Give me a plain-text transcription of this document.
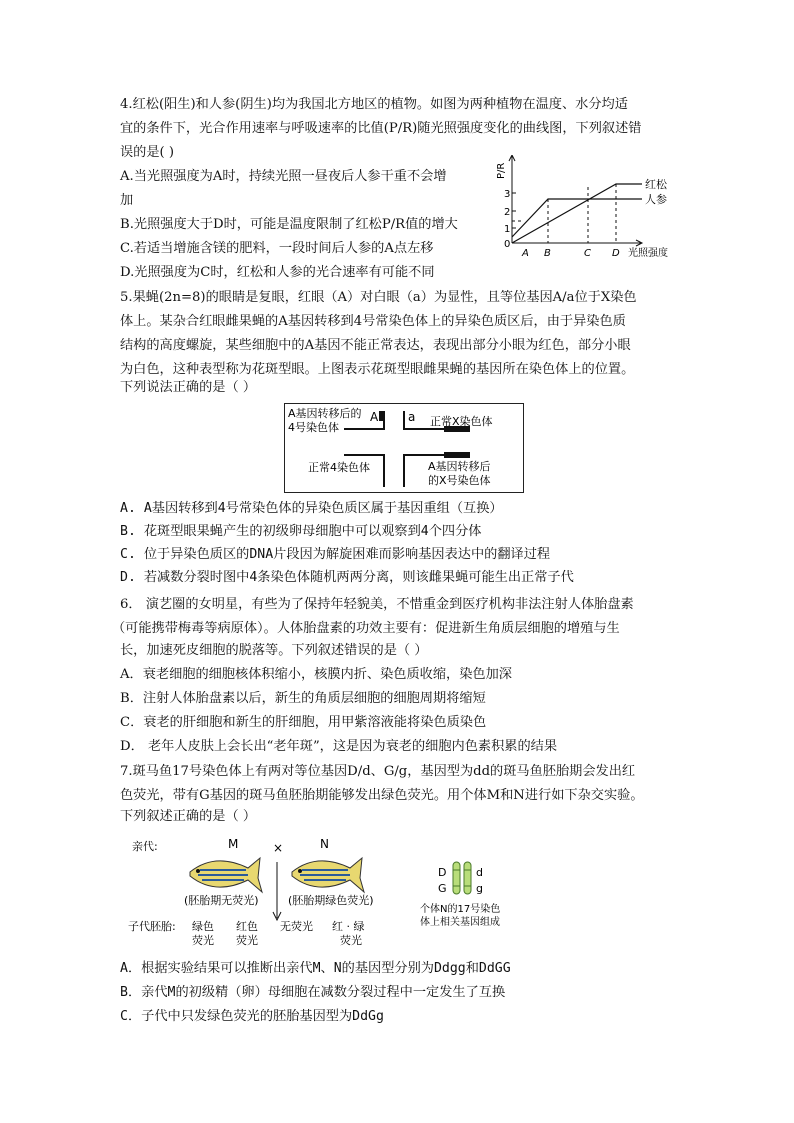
4.红松(阳生)和人参(阴生)均为我国北方地区的植物。如图为两种植物在温度、水分均适
宜的条件下，光合作用速率与呼吸速率的比值(P/R)随光照强度变化的曲线图，下列叙述错
误的是( )
A.当光照强度为A时，持续光照一昼夜后人参干重不会增
加
B.光照强度大于D时，可能是温度限制了红松P/R值的增大
C.若适当增施含镁的肥料，一段时间后人参的A点左移
D.光照强度为C时，红松和人参的光合速率有可能不同
P/R
3
2
1
0
红松
人参
A B	C D 光照强度
5.果蝇(2n=8)的眼睛是复眼，红眼（A）对白眼（a）为显性，且等位基因A/a位于X染色
体上。某杂合红眼雌果蝇的A基因转移到4号常染色体上的异染色质区后，由于异染色质
结构的高度螺旋，某些细胞中的A基因不能正常表达，表现出部分小眼为红色，部分小眼
为白色，这种表型称为花斑型眼。上图表示花斑型眼雌果蝇的基因所在染色体上的位置。
下列说法正确的是（ ）
A基因转移后的
4号染色体
A a 正常X染色体
正常4染色体	A基因转移后
的X号染色体
A. A基因转移到4号常染色体的异染色质区属于基因重组（互换）
B. 花斑型眼果蝇产生的初级卵母细胞中可以观察到4个四分体
C. 位于异染色质区的DNA片段因为解旋困难而影响基因表达中的翻译过程
D. 若减数分裂时图中4条染色体随机两两分离，则该雌果蝇可能生出正常子代
6． 演艺圈的女明星，有些为了保持年轻貌美，不惜重金到医疗机构非法注射人体胎盘素
（可能携带梅毒等病原体）。人体胎盘素的功效主要有：促进新生角质层细胞的增殖与生
长，加速死皮细胞的脱落等。下列叙述错误的是（ ）
A．衰老细胞的细胞核体积缩小，核膜内折、染色质收缩，染色加深
B．注射人体胎盘素以后，新生的角质层细胞的细胞周期将缩短
C．衰老的肝细胞和新生的肝细胞，用甲紫溶液能将染色质染色
D． 老年人皮肤上会长出“老年斑”，这是因为衰老的细胞内色素积累的结果
7.斑马鱼17号染色体上有两对等位基因D/d、G/g，基因型为dd的斑马鱼胚胎期会发出红
色荧光，带有G基因的斑马鱼胚胎期能够发出绿色荧光。用个体M和N进行如下杂交实验。
下列叙述正确的是（ ）
亲代:	M	×	N
(胚胎期无荧光)	(胚胎期绿色荧光)
子代胚胎: 绿色
荧光
红色
荧光
无荧光 红 · 绿
荧光
D
G
d
g
个体N的17号染色
体上相关基因组成
A．根据实验结果可以推断出亲代M、N的基因型分别为Ddgg和DdGG
B．亲代M的初级精（卵）母细胞在减数分裂过程中一定发生了互换
C．子代中只发绿色荧光的胚胎基因型为DdGg
